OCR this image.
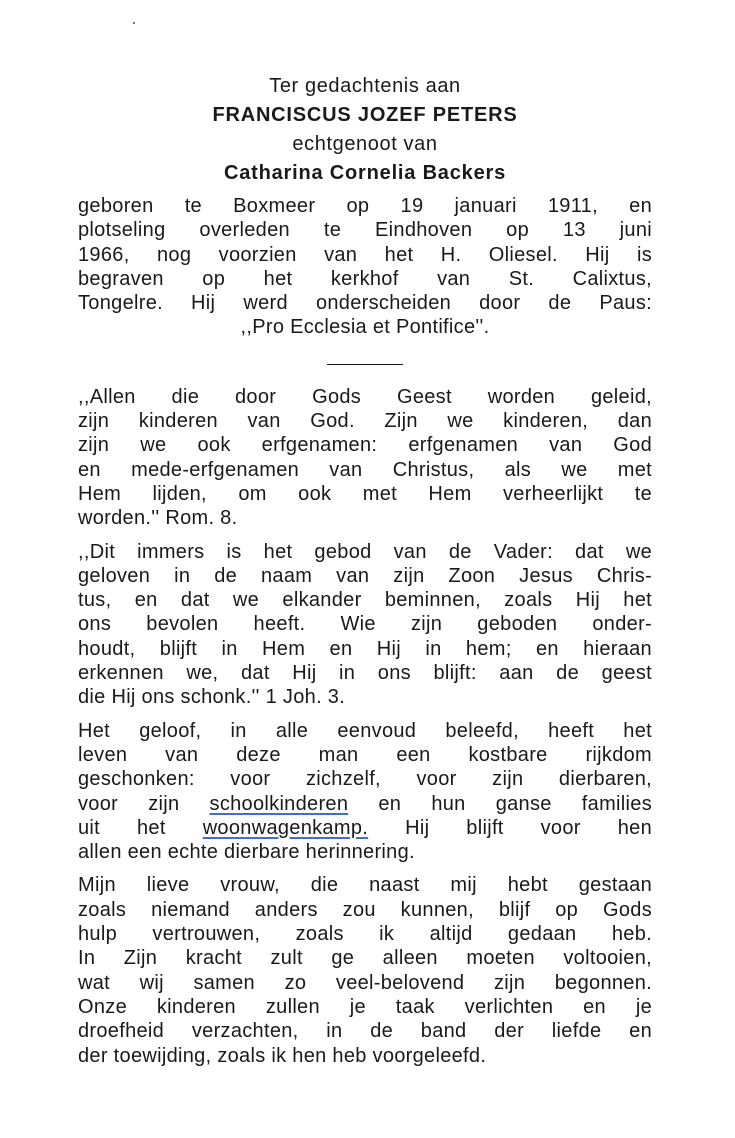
Ter gedachtenis aan

FRANCISCUS JOZEF PETERS

echtgenoot van

Catharina Cornelia Backers

geboren te Boxmeer op 19 januari 1911, en
plotseling overleden te Eindhoven op 13 juni
1966, nog voorzien van het H. Oliesel. Hij is
begraven op het kerkhof van St. Calixtus,
Tongelre. Hij werd onderscheiden door de Paus:
,,Pro Ecclesia et Pontifice''.
,,Allen die door Gods Geest worden geleid,
zijn kinderen van God. Zijn we kinderen, dan
zijn we ook erfgenamen: erfgenamen van God
en mede-erfgenamen van Christus, als we met
Hem lijden, om ook met Hem verheerlijkt te
worden.'' Rom. 8.
,,Dit immers is het gebod van de Vader: dat we
geloven in de naam van zijn Zoon Jesus Chris-
tus, en dat we elkander beminnen, zoals Hij het
ons bevolen heeft. Wie zijn geboden onder-
houdt, blijft in Hem en Hij in hem; en hieraan
erkennen we, dat Hij in ons blijft: aan de geest
die Hij ons schonk.'' 1 Joh. 3.
Het geloof, in alle eenvoud beleefd, heeft het
leven van deze man een kostbare rijkdom
geschonken: voor zichzelf, voor zijn dierbaren,
voor zijn schoolkinderen en hun ganse families
uit het woonwagenkamp. Hij blijft voor hen
allen een echte dierbare herinnering.
Mijn lieve vrouw, die naast mij hebt gestaan
zoals niemand anders zou kunnen, blijf op Gods
hulp vertrouwen, zoals ik altijd gedaan heb.
In Zijn kracht zult ge alleen moeten voltooien,
wat wij samen zo veel-belovend zijn begonnen.
Onze kinderen zullen je taak verlichten en je
droefheid verzachten, in de band der liefde en
der toewijding, zoals ik hen heb voorgeleefd.
